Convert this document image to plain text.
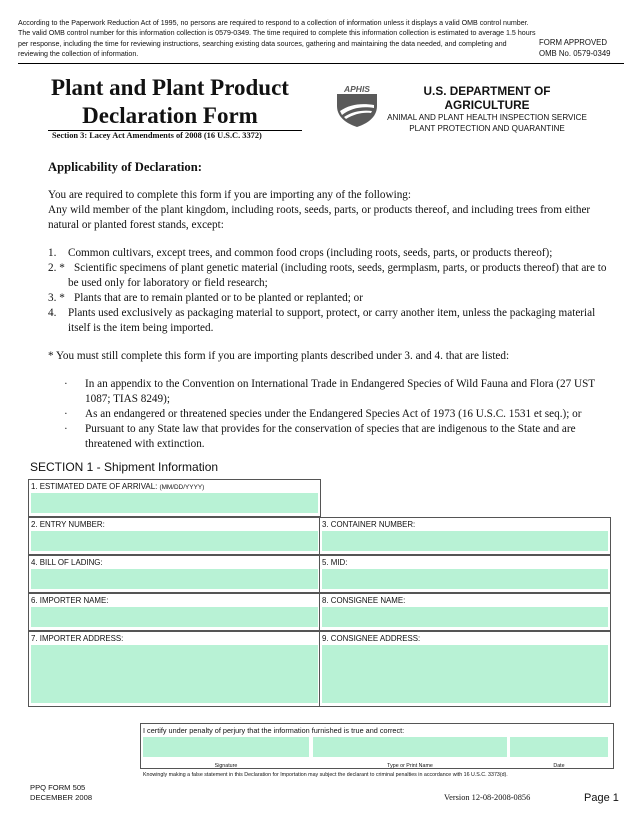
According to the Paperwork Reduction Act of 1995, no persons are required to respond to a collection of information unless it displays a valid OMB control number. The valid OMB control number for this information collection is 0579-0349. The time required to complete this information collection is estimated to average 1.5 hours per response, including the time for reviewing instructions, searching existing data sources, gathering and maintaining the data needed, and completing and reviewing the collection of information.
FORM APPROVED
OMB No. 0579-0349
Plant and Plant Product
Declaration Form
Section 3: Lacey Act Amendments of 2008 (16 U.S.C. 3372)
APHIS	U.S. DEPARTMENT OF AGRICULTURE
ANIMAL AND PLANT HEALTH INSPECTION SERVICE
PLANT PROTECTION AND QUARANTINE
Applicability of Declaration:

You are required to complete this form if you are importing any of the following:

Any wild member of the plant kingdom, including roots, seeds, parts, or products thereof, and including trees from either natural or planted forest stands, except:

1. Common cultivars, except trees, and common food crops (including roots, seeds, parts, or products thereof);
2. * Scientific specimens of plant genetic material (including roots, seeds, germplasm, parts, or products thereof) that are to be used only for laboratory or field research;
3. * Plants that are to remain planted or to be planted or replanted; or
4. Plants used exclusively as packaging material to support, protect, or carry another item, unless the packaging material itself is the item being imported.

* You must still complete this form if you are importing plants described under 3. and 4. that are listed:

· In an appendix to the Convention on International Trade in Endangered Species of Wild Fauna and Flora (27 UST 1087; TIAS 8249);
· As an endangered or threatened species under the Endangered Species Act of 1973 (16 U.S.C. 1531 et seq.); or
· Pursuant to any State law that provides for the conservation of species that are indigenous to the State and are threatened with extinction.
SECTION 1 - Shipment Information
1. ESTIMATED DATE OF ARRIVAL: (MM/DD/YYYY)
2. ENTRY NUMBER:	3. CONTAINER NUMBER:
4. BILL OF LADING:	5. MID:
6. IMPORTER NAME:	8. CONSIGNEE NAME:
7. IMPORTER ADDRESS:	9. CONSIGNEE ADDRESS:
I certify under penalty of perjury that the information furnished is true and correct:
Signature	Type or Print Name	Date
Knowingly making a false statement in this Declaration for Importation may subject the declarant to criminal penalties in accordance with 16 U.S.C. 3373(d).
PPQ FORM 505
DECEMBER 2008	Version 12-08-2008-0856	Page 1
